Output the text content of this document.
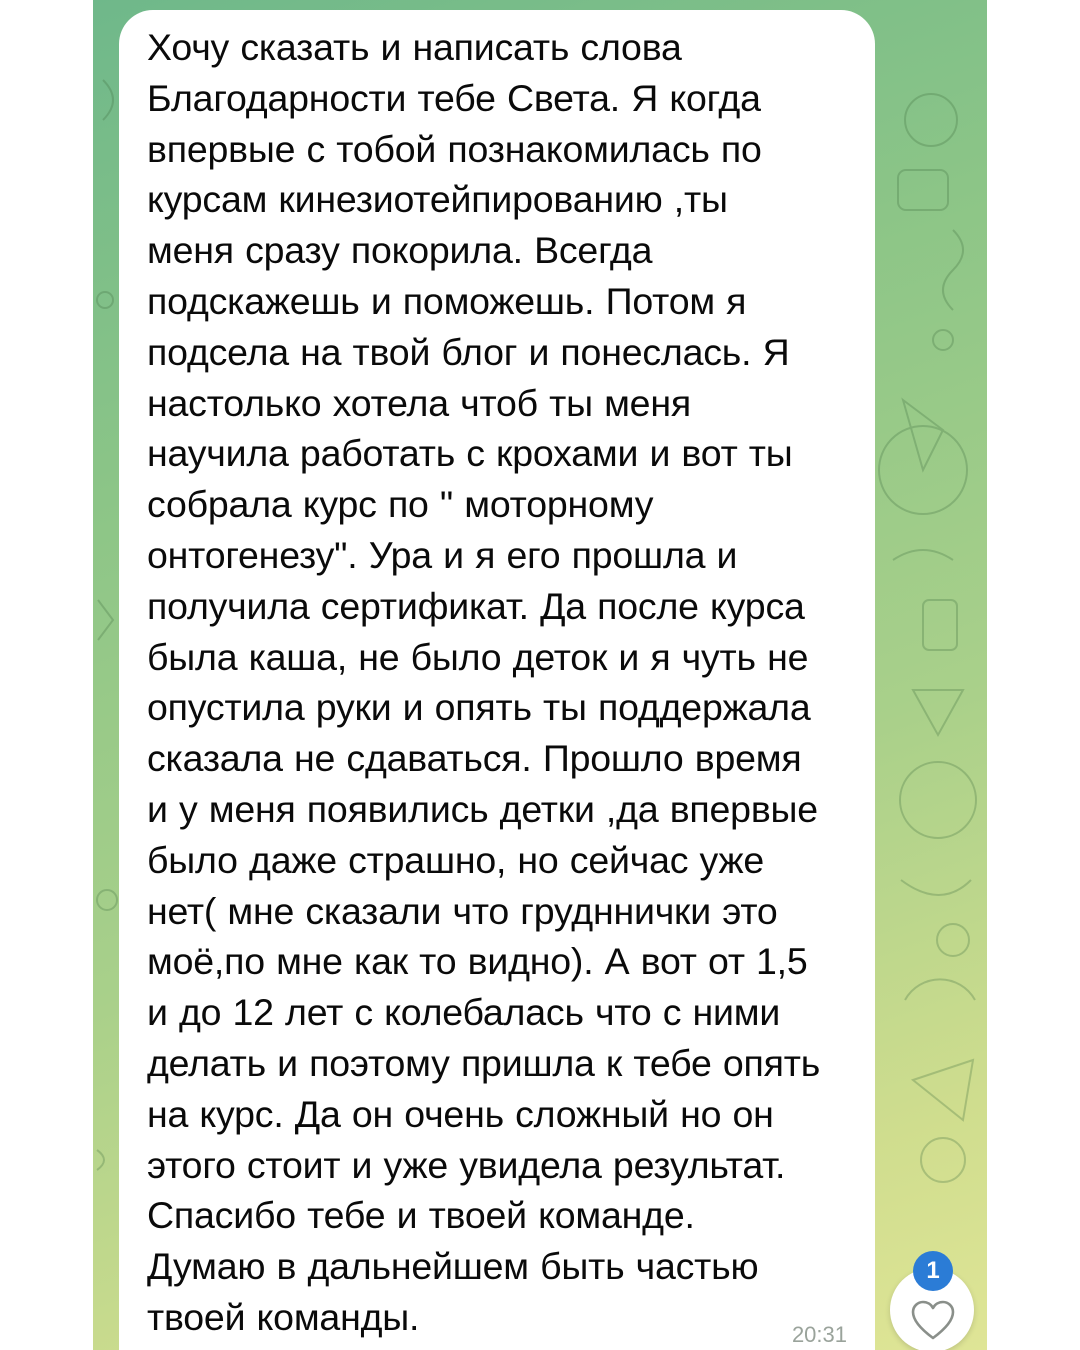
Хочу сказать и написать слова
Благодарности тебе Света. Я когда
впервые с тобой познакомилась по
курсам кинезиотейпированию ,ты
меня сразу покорила. Всегда
подскажешь и поможешь. Потом я
подсела на твой блог и понеслась. Я
настолько хотела чтоб ты меня
научила работать с крохами и вот ты
собрала курс по " моторному
онтогенезу". Ура и я его прошла и
получила сертификат. Да после курса
была каша, не было деток и я чуть не
опустила руки и опять ты поддержала
сказала не сдаваться. Прошло время
и у меня появились детки ,да впервые
было даже страшно, но сейчас уже
нет( мне сказали что грудннички это
моё,по мне как то видно). А вот от 1,5
и до 12 лет с колебалась что с ними
делать и поэтому пришла к тебе опять
на курс. Да он очень сложный но он
этого стоит и уже увидела результат.
Спасибо тебе и твоей команде.
Думаю в дальнейшем быть частью
твоей команды.	20:31
1
